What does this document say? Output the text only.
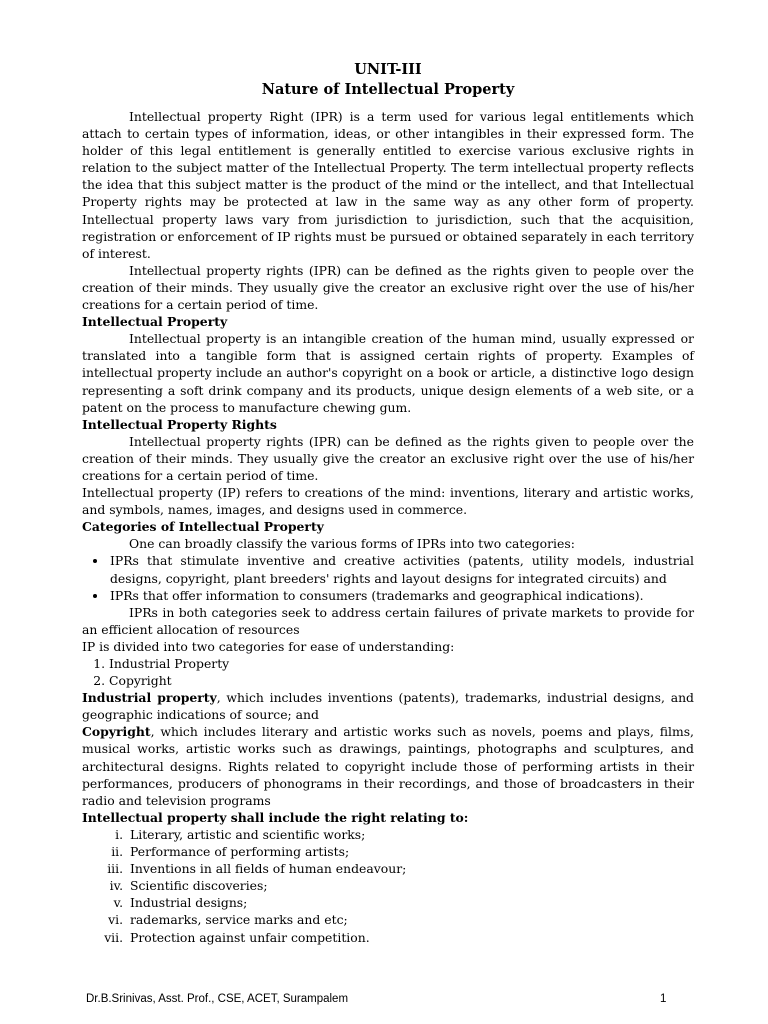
UNIT-III
Nature of Intellectual Property

Intellectual property Right (IPR) is a term used for various legal entitlements which attach to certain types of information, ideas, or other intangibles in their expressed form. The holder of this legal entitlement is generally entitled to exercise various exclusive rights in relation to the subject matter of the Intellectual Property. The term intellectual property reflects the idea that this subject matter is the product of the mind or the intellect, and that Intellectual Property rights may be protected at law in the same way as any other form of property. Intellectual property laws vary from jurisdiction to jurisdiction, such that the acquisition, registration or enforcement of IP rights must be pursued or obtained separately in each territory of interest.

Intellectual property rights (IPR) can be defined as the rights given to people over the creation of their minds. They usually give the creator an exclusive right over the use of his/her creations for a certain period of time.

Intellectual Property

Intellectual property is an intangible creation of the human mind, usually expressed or translated into a tangible form that is assigned certain rights of property. Examples of intellectual property include an author's copyright on a book or article, a distinctive logo design representing a soft drink company and its products, unique design elements of a web site, or a patent on the process to manufacture chewing gum.

Intellectual Property Rights

Intellectual property rights (IPR) can be defined as the rights given to people over the creation of their minds. They usually give the creator an exclusive right over the use of his/her creations for a certain period of time.

Intellectual property (IP) refers to creations of the mind: inventions, literary and artistic works, and symbols, names, images, and designs used in commerce.

Categories of Intellectual Property

One can broadly classify the various forms of IPRs into two categories:

• IPRs that stimulate inventive and creative activities (patents, utility models, industrial designs, copyright, plant breeders' rights and layout designs for integrated circuits) and
• IPRs that offer information to consumers (trademarks and geographical indications).

IPRs in both categories seek to address certain failures of private markets to provide for an efficient allocation of resources

IP is divided into two categories for ease of understanding:

1. Industrial Property
2. Copyright

Industrial property, which includes inventions (patents), trademarks, industrial designs, and geographic indications of source; and

Copyright, which includes literary and artistic works such as novels, poems and plays, films, musical works, artistic works such as drawings, paintings, photographs and sculptures, and architectural designs. Rights related to copyright include those of performing artists in their performances, producers of phonograms in their recordings, and those of broadcasters in their radio and television programs

Intellectual property shall include the right relating to:

i. Literary, artistic and scientific works;
ii. Performance of performing artists;
iii. Inventions in all fields of human endeavour;
iv. Scientific discoveries;
v. Industrial designs;
vi. rademarks, service marks and etc;
vii. Protection against unfair competition.
Dr.B.Srinivas, Asst. Prof., CSE, ACET, Surampalem	1
